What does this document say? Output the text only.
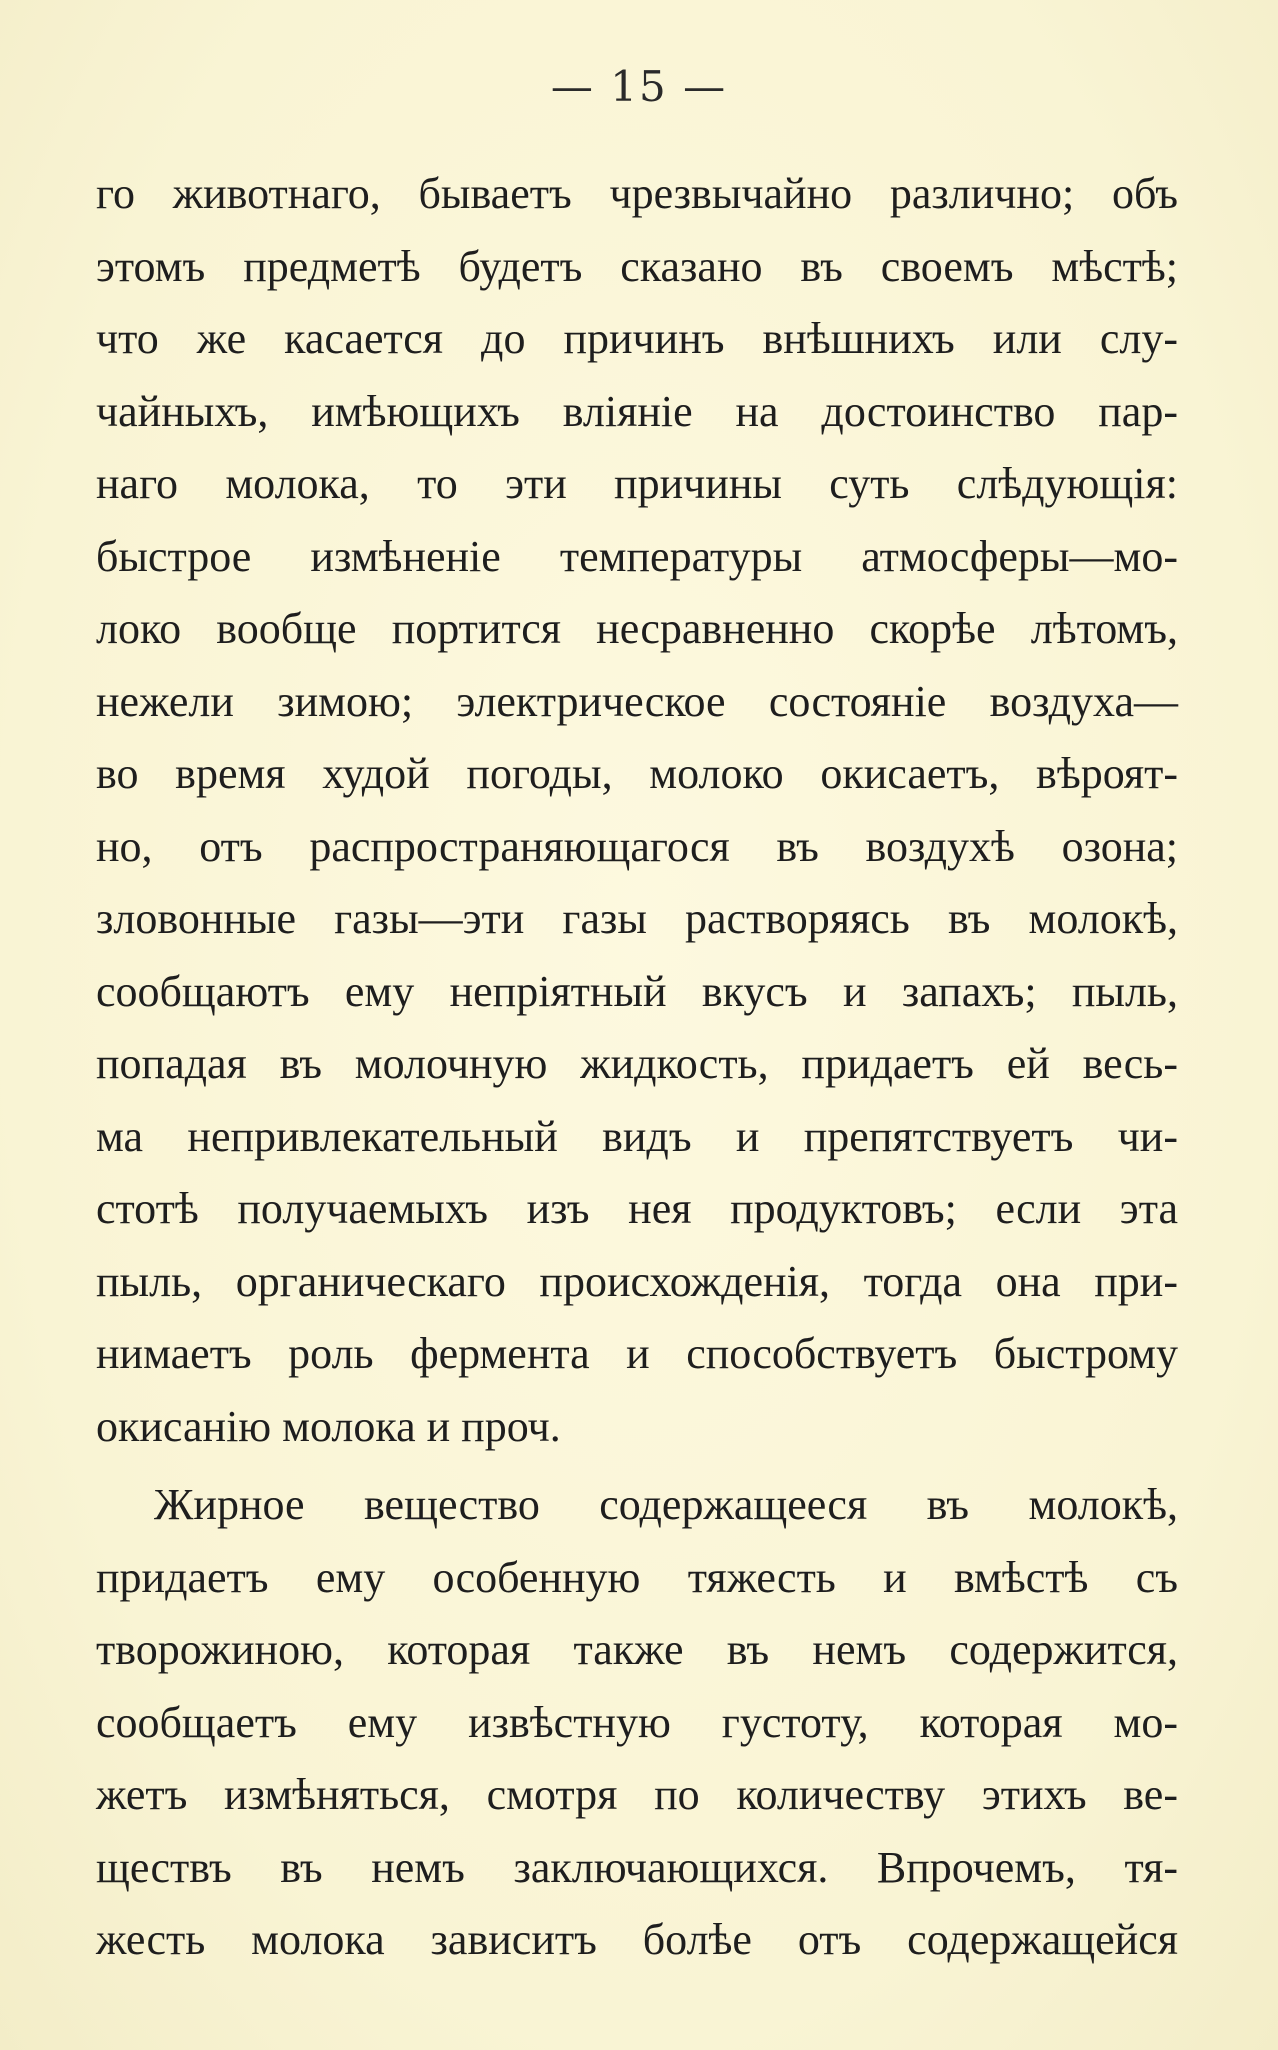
— 15 —
го животнаго, бываетъ чрезвычайно различно; объ
этомъ предметѣ будетъ сказано въ своемъ мѣстѣ;
что же касается до причинъ внѣшнихъ или слу-
чайныхъ, имѣющихъ вліяніе на достоинство пар-
наго молока, то эти причины суть слѣдующія:
быстрое измѣненіе температуры атмосферы—мо-
локо вообще портится несравненно скорѣе лѣтомъ,
нежели зимою; электрическое состояніе воздуха—
во время худой погоды, молоко окисаетъ, вѣроят-
но, отъ распространяющагося въ воздухѣ озона;
зловонные газы—эти газы растворяясь въ молокѣ,
сообщаютъ ему непріятный вкусъ и запахъ; пыль,
попадая въ молочную жидкость, придаетъ ей весь-
ма непривлекательный видъ и препятствуетъ чи-
стотѣ получаемыхъ изъ нея продуктовъ; если эта
пыль, органическаго происхожденія, тогда она при-
нимаетъ роль фермента и способствуетъ быстрому
окисанію молока и проч.
Жирное вещество содержащееся въ молокѣ,
придаетъ ему особенную тяжесть и вмѣстѣ съ
творожиною, которая также въ немъ содержится,
сообщаетъ ему извѣстную густоту, которая мо-
жетъ измѣняться, смотря по количеству этихъ ве-
ществъ въ немъ заключающихся. Впрочемъ, тя-
жесть молока зависитъ болѣе отъ содержащейся
